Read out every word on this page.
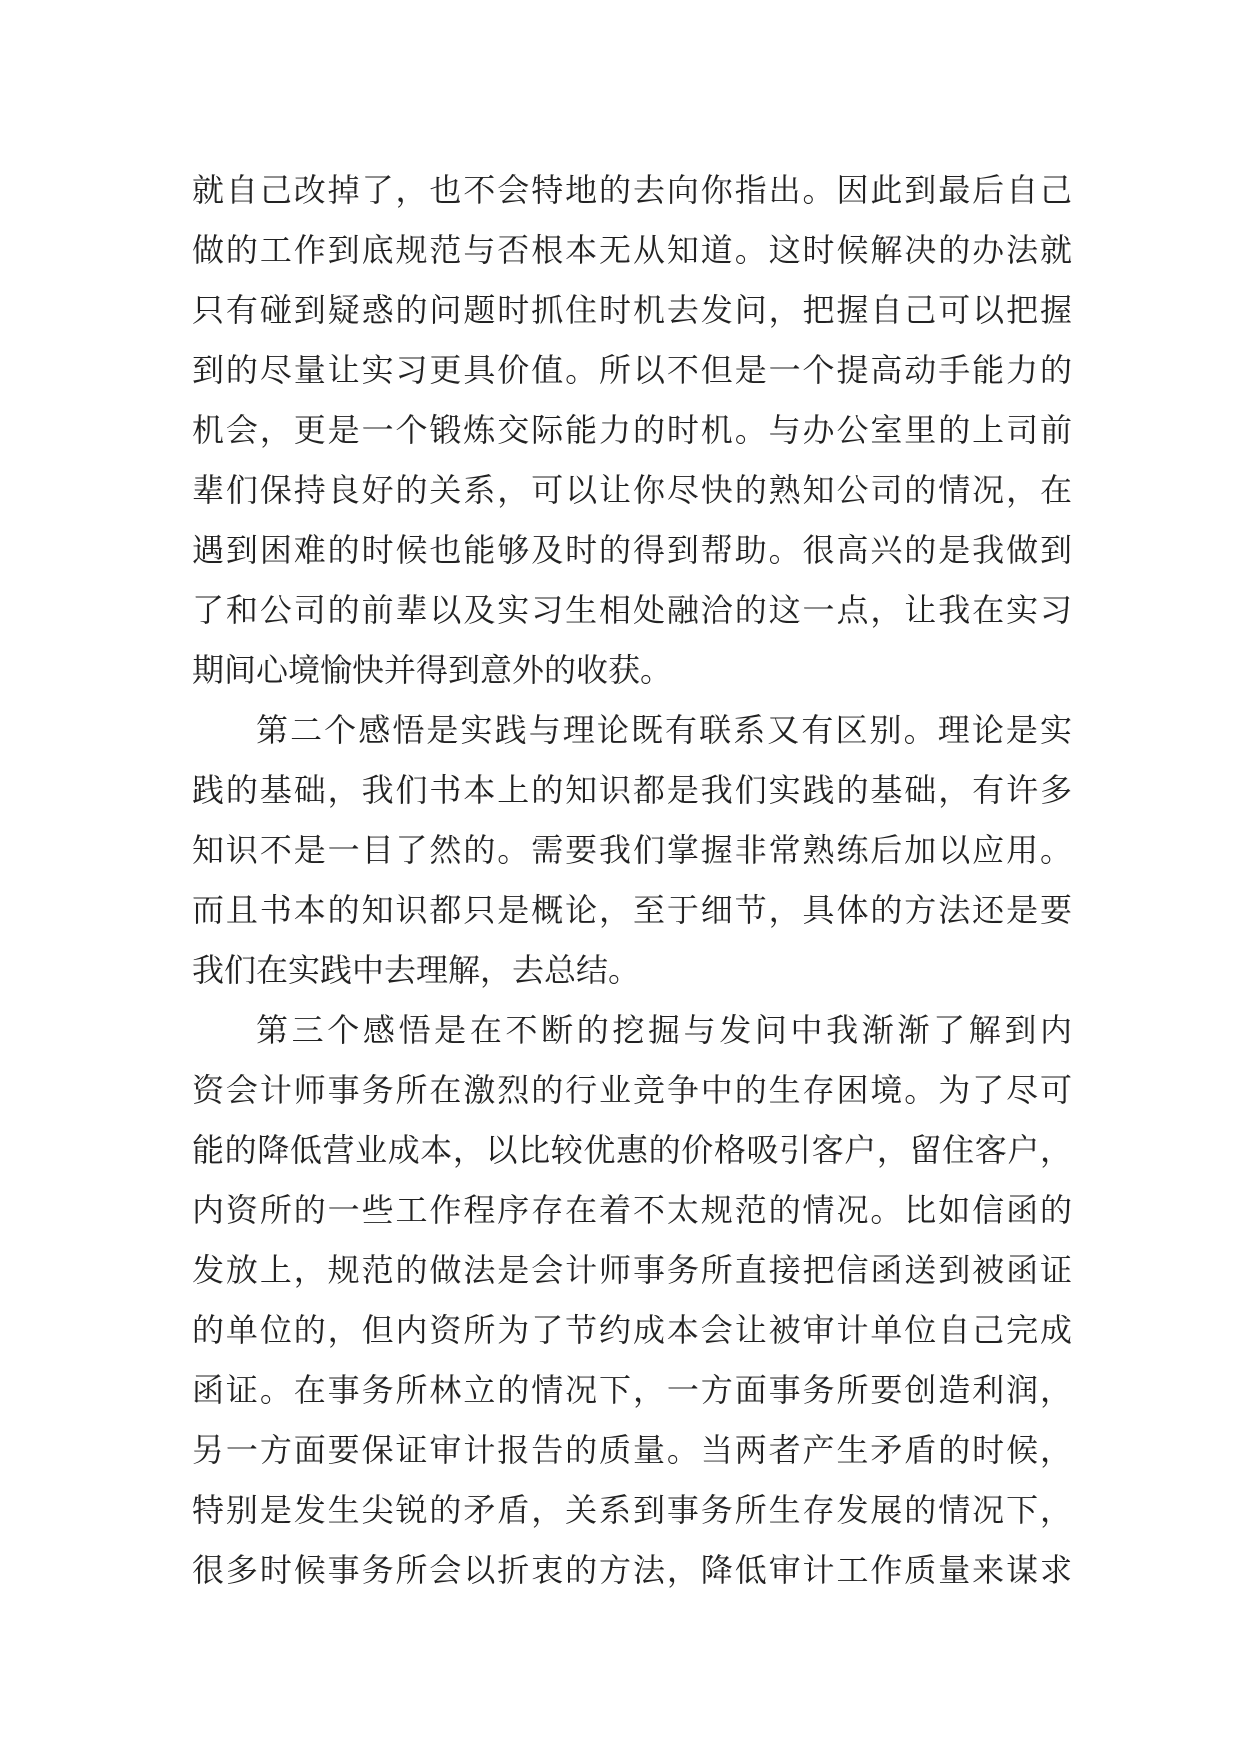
就自己改掉了，也不会特地的去向你指出。因此到最后自己
做的工作到底规范与否根本无从知道。这时候解决的办法就
只有碰到疑惑的问题时抓住时机去发问，把握自己可以把握
到的尽量让实习更具价值。所以不但是一个提高动手能力的
机会，更是一个锻炼交际能力的时机。与办公室里的上司前
辈们保持良好的关系，可以让你尽快的熟知公司的情况，在
遇到困难的时候也能够及时的得到帮助。很高兴的是我做到
了和公司的前辈以及实习生相处融洽的这一点，让我在实习
期间心境愉快并得到意外的收获。
第二个感悟是实践与理论既有联系又有区别。理论是实
践的基础，我们书本上的知识都是我们实践的基础，有许多
知识不是一目了然的。需要我们掌握非常熟练后加以应用。
而且书本的知识都只是概论，至于细节，具体的方法还是要
我们在实践中去理解，去总结。
第三个感悟是在不断的挖掘与发问中我渐渐了解到内
资会计师事务所在激烈的行业竞争中的生存困境。为了尽可
能的降低营业成本，以比较优惠的价格吸引客户，留住客户，
内资所的一些工作程序存在着不太规范的情况。比如信函的
发放上，规范的做法是会计师事务所直接把信函送到被函证
的单位的，但内资所为了节约成本会让被审计单位自己完成
函证。在事务所林立的情况下，一方面事务所要创造利润，
另一方面要保证审计报告的质量。当两者产生矛盾的时候，
特别是发生尖锐的矛盾，关系到事务所生存发展的情况下，
很多时候事务所会以折衷的方法，降低审计工作质量来谋求
